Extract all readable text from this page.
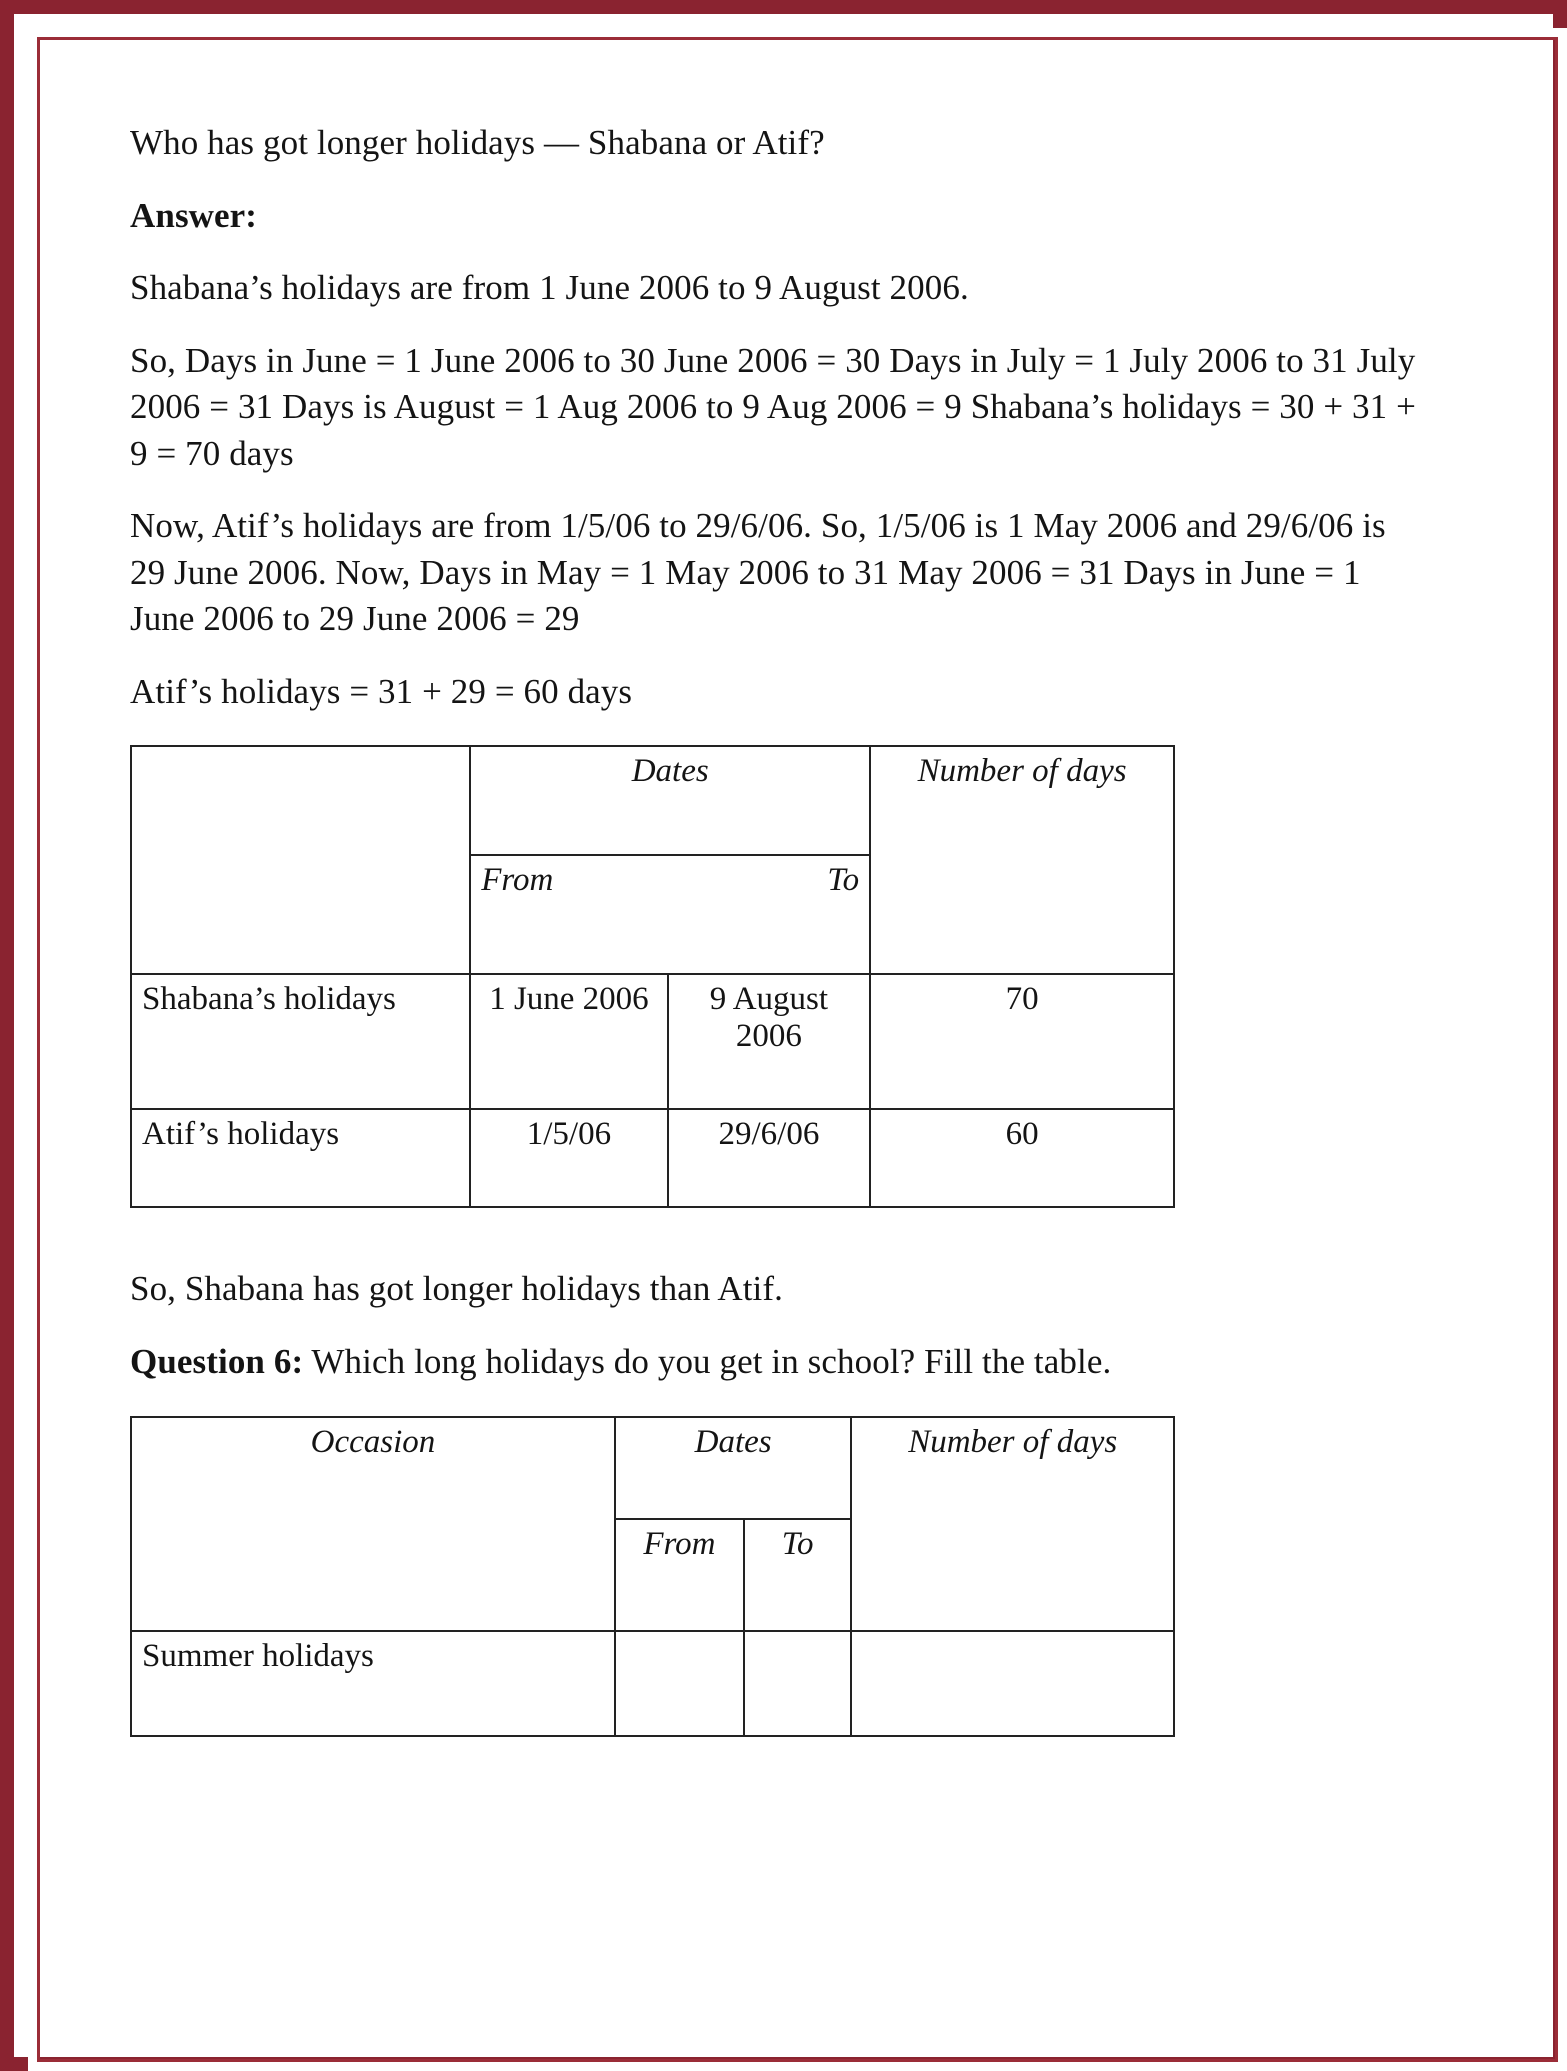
Who has got longer holidays — Shabana or Atif?

Answer:

Shabana’s holidays are from 1 June 2006 to 9 August 2006.

So, Days in June = 1 June 2006 to 30 June 2006 = 30 Days in July = 1 July 2006 to 31 July 2006 = 31 Days is August = 1 Aug 2006 to 9 Aug 2006 = 9 Shabana’s holidays = 30 + 31 + 9 = 70 days

Now, Atif’s holidays are from 1/5/06 to 29/6/06. So, 1/5/06 is 1 May 2006 and 29/6/06 is 29 June 2006. Now, Days in May = 1 May 2006 to 31 May 2006 = 31 Days in June = 1 June 2006 to 29 June 2006 = 29

Atif’s holidays = 31 + 29 = 60 days

	Dates		Number of days

	From To		

Shabana’s holidays	1 June 2006	9 August 2006	70
Atif’s holidays	1/5/06	29/6/06	60

So, Shabana has got longer holidays than Atif.

Question 6: Which long holidays do you get in school? Fill the table.

Occasion	Dates		Number of days
	From	To	
Summer holidays			
